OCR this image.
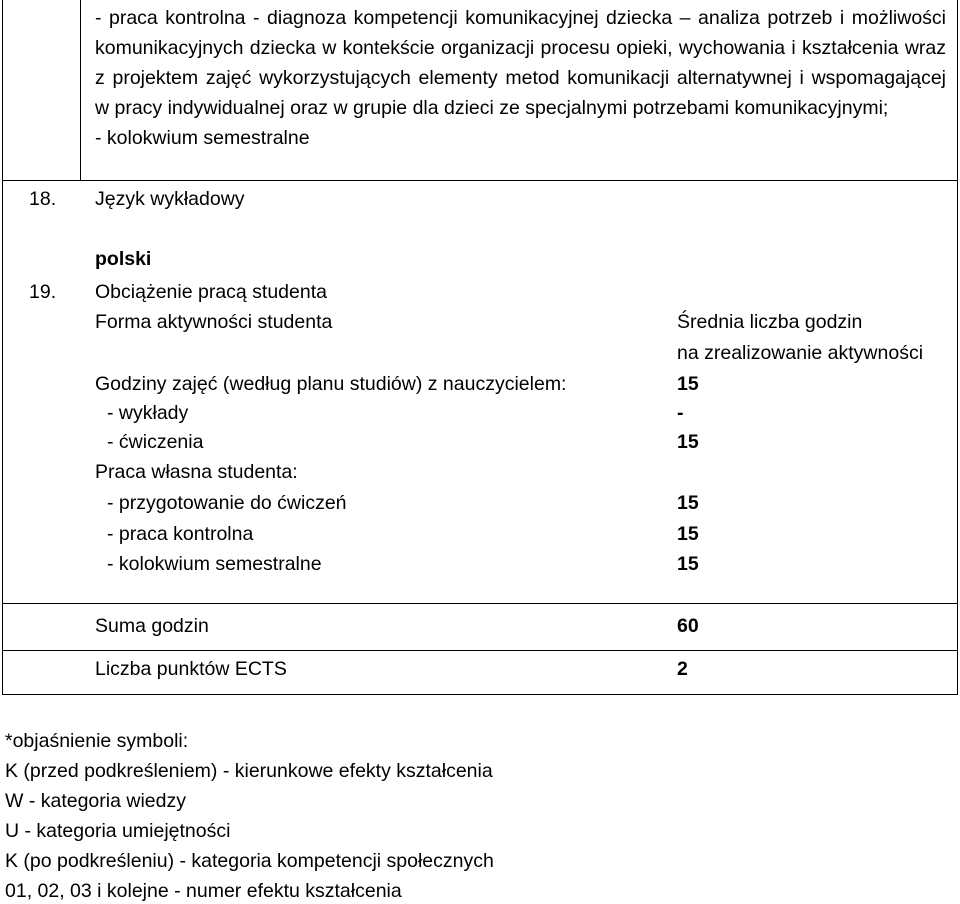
- praca kontrolna - diagnoza kompetencji komunikacyjnej dziecka – analiza potrzeb i możliwości
komunikacyjnych dziecka w kontekście organizacji procesu opieki, wychowania i kształcenia wraz
z projektem zajęć wykorzystujących elementy metod komunikacji alternatywnej i wspomagającej
w pracy indywidualnej oraz w grupie dla dzieci ze specjalnymi potrzebami komunikacyjnymi;
- kolokwium semestralne
18. Język wykładowy
polski
19. Obciążenie pracą studenta
Forma aktywności studenta	Średnia liczba godzin
na zrealizowanie aktywności
Godziny zajęć (według planu studiów) z nauczycielem:	15
- wykłady	-
- ćwiczenia	15
Praca własna studenta:
- przygotowanie do ćwiczeń	15
- praca kontrolna	15
- kolokwium semestralne	15
Suma godzin	60
Liczba punktów ECTS	2
*objaśnienie symboli:
K (przed podkreśleniem) - kierunkowe efekty kształcenia
W - kategoria wiedzy
U - kategoria umiejętności
K (po podkreśleniu) - kategoria kompetencji społecznych
01, 02, 03 i kolejne - numer efektu kształcenia
